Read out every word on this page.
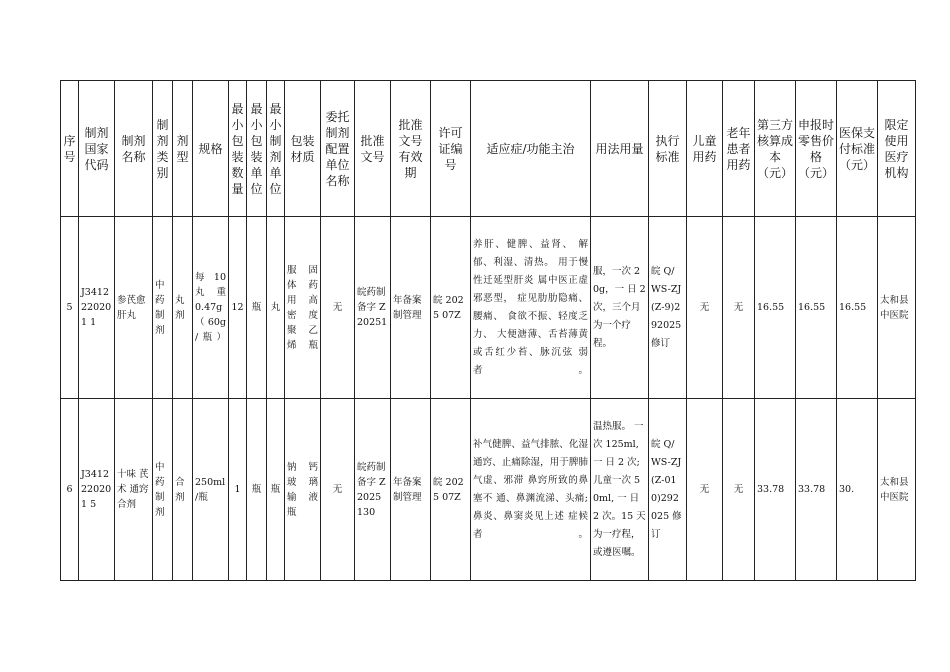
序号	制剂国家代码	制剂名称	制剂类别	剂型	规格	最小包装数量	最小包装单位	最小制剂单位	包装材质	委托制剂配置单位名称	批准文号	批准文号有效期	许可证编号	适应症/功能主治	用法用量	执行标准	儿童用药	老年患者用药	第三方核算成本（元）	申报时零售价格（元）	医保支付标准（元）	限定使用医疗机构
5	J3412220201 1	参芪愈肝丸	中药制剂	丸剂	每 10 丸 重 0.47g （60g /瓶）	12	瓶	丸	服 固体 药用 高密 度聚 乙烯瓶	无	皖药制备字 Z20251	年备案制管理	皖 2025 07Z	养肝、健脾、益肾、 解郁、利湿、清热。 用于慢性迁延型肝炎 属中医正虚邪恶型， 症见肋肋隐痛、腰痛、 食欲不振、轻度乏力、 大便溏薄、舌苔薄黄 或舌红少苔、脉沉弦 弱者。	服，一次 20g，一 日 2 次，三个月 为一个疗程。	皖 Q/WS-ZJ(Z-9)292025 修订	无	无	16.55	16.55	16.55	太和县中医院
6	J3412220201 5	十味 芪术 通窍合剂	中药制剂	合剂	250ml /瓶	1	瓶	瓶	钠 钙玻 璃输 液瓶	无	皖药制备字 Z2025 130	年备案制管理	皖 2025 07Z	补气健脾、益气排脓、化湿通窍、止痛除湿，用于脾肺气虚、邪滞 鼻窍所致的鼻塞不 通、鼻渊流涕、头痛; 鼻炎、鼻窦炎见上述 症候者。	温热服。 一次 125ml, 一 日 2 次; 儿童一次 50ml, 一 日 2 次。15 天 为一疗程，或遵医嘱。	皖 Q/WS-ZJ(Z-010)292025 修订	无	无	33.78	33.78	30.	太和县中医院
